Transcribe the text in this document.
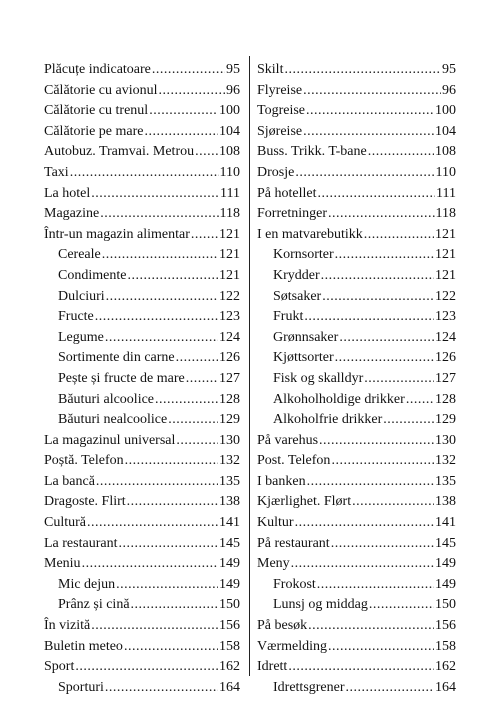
Plăcuțe indicatoare .....	95
Călătorie cu avionul .....	96
Călătorie cu trenul .....	100
Călătorie pe mare .....	104
Autobuz. Tramvai. Metrou ..... 108
Taxi .....	110
La hotel .....	111
Magazine .....	118
Într-un magazin alimentar ..... 121
Cereale .....	121
Condimente .....	121
Dulciuri .....	122
Fructe .....	123
Legume .....	124
Sortimente din carne .....	126
Pește și fructe de mare ..... 127
Băuturi alcoolice .....	128
Băuturi nealcoolice .....	129
La magazinul universal .....	130
Poștă. Telefon .....	132
La bancă .....	135
Dragoste. Flirt .....	138
Cultură .....	141
La restaurant .....	145
Meniu .....	149
Mic dejun .....	149
Prânz și cină .....	150
În vizită .....	156
Buletin meteo .....	158
Sport .....	162
Sporturi .....	164
Skilt .....	95
Flyreise .....	96
Togreise .....	100
Sjøreise .....	104
Buss. Trikk. T-bane .....	108
Drosje .....	110
På hotellet .....	111
Forretninger .....	118
I en matvarebutikk .....	121
Kornsorter .....	121
Krydder .....	121
Søtsaker .....	122
Frukt .....	123
Grønnsaker .....	124
Kjøttsorter .....	126
Fisk og skalldyr .....	127
Alkoholholdige drikker ..... 128
Alkoholfrie drikker .....	129
På varehus .....	130
Post. Telefon .....	132
I banken .....	135
Kjærlighet. Flørt .....	138
Kultur .....	141
På restaurant .....	145
Meny .....	149
Frokost .....	149
Lunsj og middag .....	150
På besøk .....	156
Værmelding .....	158
Idrett .....	162
Idrettsgrener .....	164
